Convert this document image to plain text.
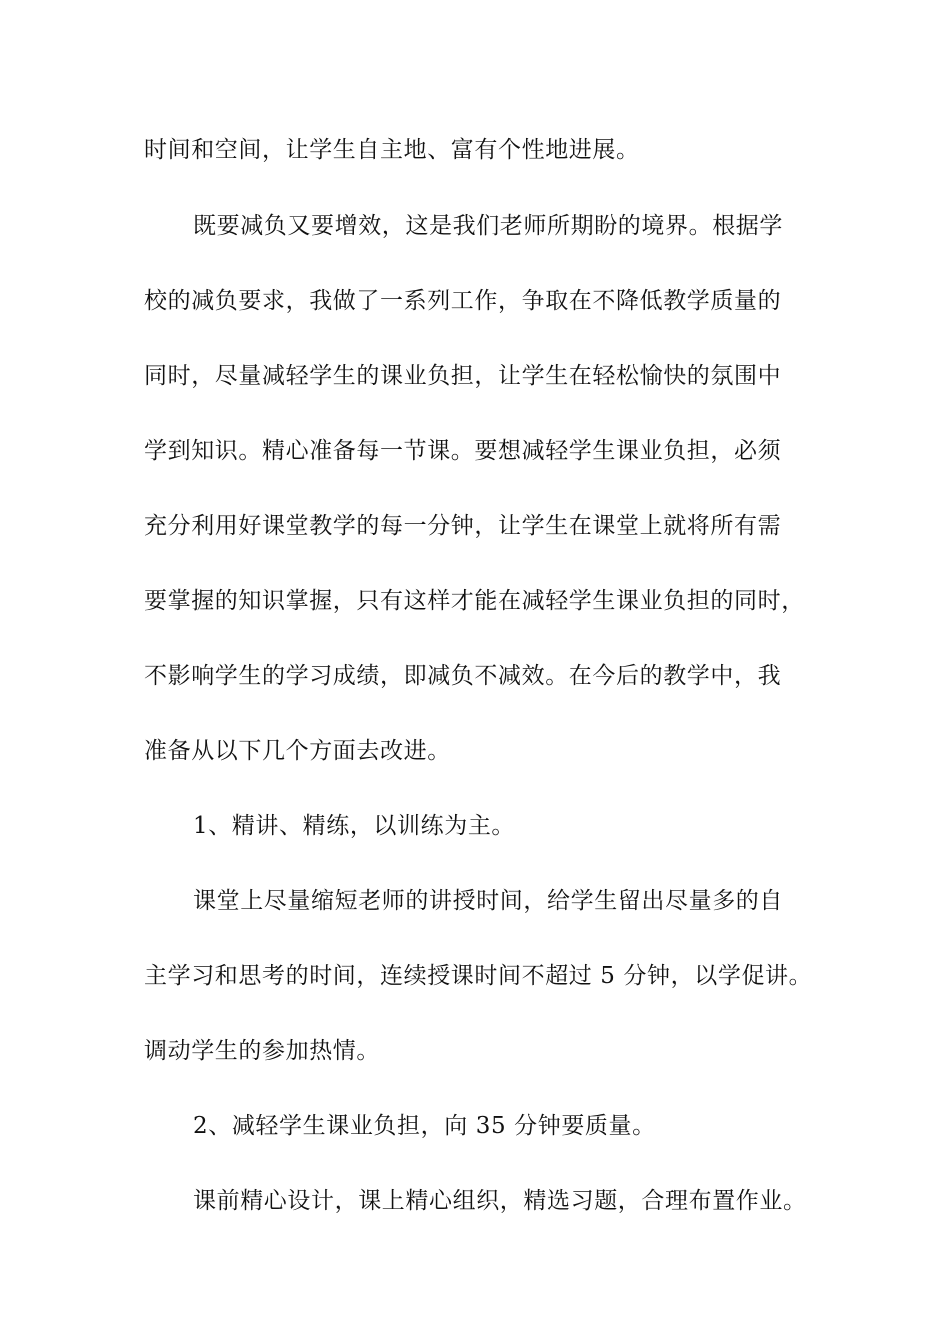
时间和空间，让学生自主地、富有个性地进展。
既要减负又要增效，这是我们老师所期盼的境界。根据学
校的减负要求，我做了一系列工作，争取在不降低教学质量的
同时，尽量减轻学生的课业负担，让学生在轻松愉快的氛围中
学到知识。精心准备每一节课。要想减轻学生课业负担，必须
充分利用好课堂教学的每一分钟，让学生在课堂上就将所有需
要掌握的知识掌握，只有这样才能在减轻学生课业负担的同时，
不影响学生的学习成绩，即减负不减效。在今后的教学中，我
准备从以下几个方面去改进。
1、精讲、精练，以训练为主。
课堂上尽量缩短老师的讲授时间，给学生留出尽量多的自
主学习和思考的时间，连续授课时间不超过 5 分钟，以学促讲。
调动学生的参加热情。
2、减轻学生课业负担，向 35 分钟要质量。
课前精心设计，课上精心组织，精选习题，合理布置作业。
